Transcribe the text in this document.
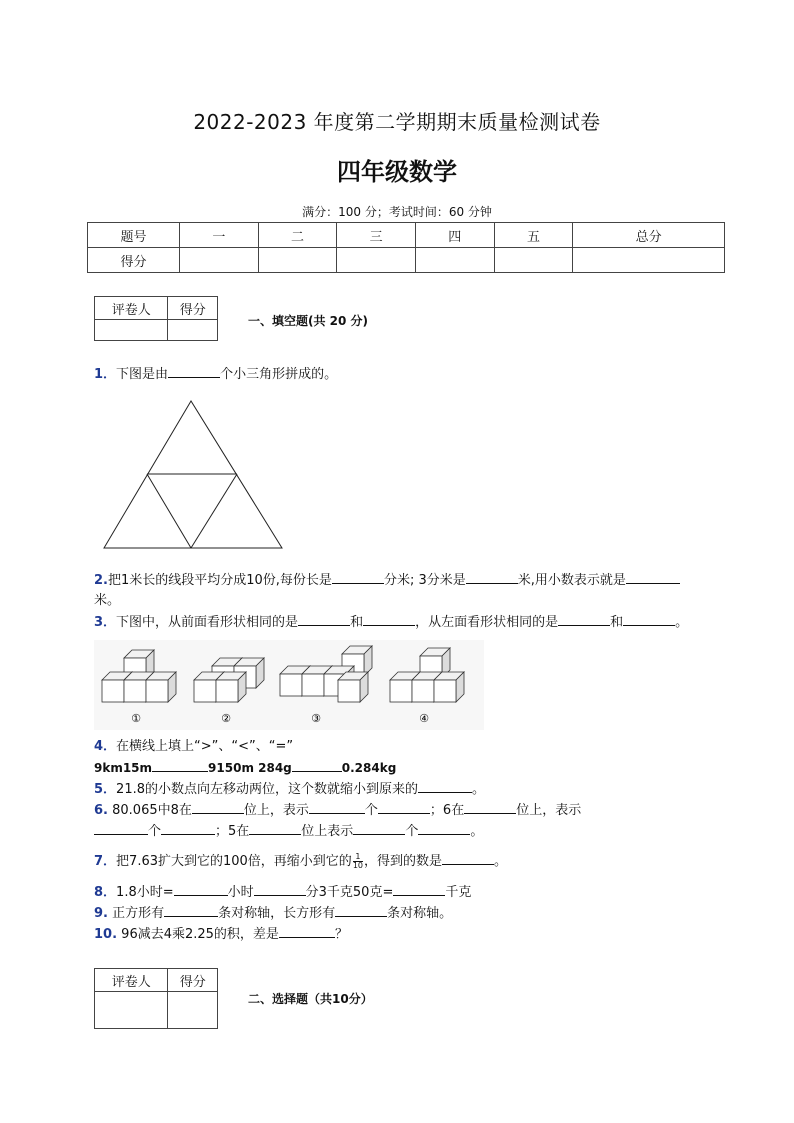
2022-2023 年度第二学期期末质量检测试卷
四年级数学
满分：100 分；考试时间：60 分钟
题号	一	二	三	四	五	总分
得分						
评卷人	得分

一、填空题(共 20 分)
1．下图是由	个小三角形拼成的。
2.把1米长的线段平均分成10份,每份长是	分米; 3分米是	米,用小数表示就是
米。
3．下图中，从前面看形状相同的是	和	，从左面看形状相同的是	和	。
①	②	③	④
4．在横线上填上“>”、“<”、“=”
9km15m	9150m 284g	0.284kg
5．21.8的小数点向左移动两位，这个数就缩小到原来的	。
6. 80.065中8在	位上，表示	个	；6在	位上，表示
个	；5在	位上表示	个	。
7．把7.63扩大到它的100倍，再缩小到它的 $\frac{1}{10}$ ，得到的数是	。
8．1.8小时=	小时	分3千克50克=	千克
9. 正方形有	条对称轴，长方形有	条对称轴。
10. 96减去4乘2.25的积，差是	？
评卷人	得分

二、选择题（共10分）
